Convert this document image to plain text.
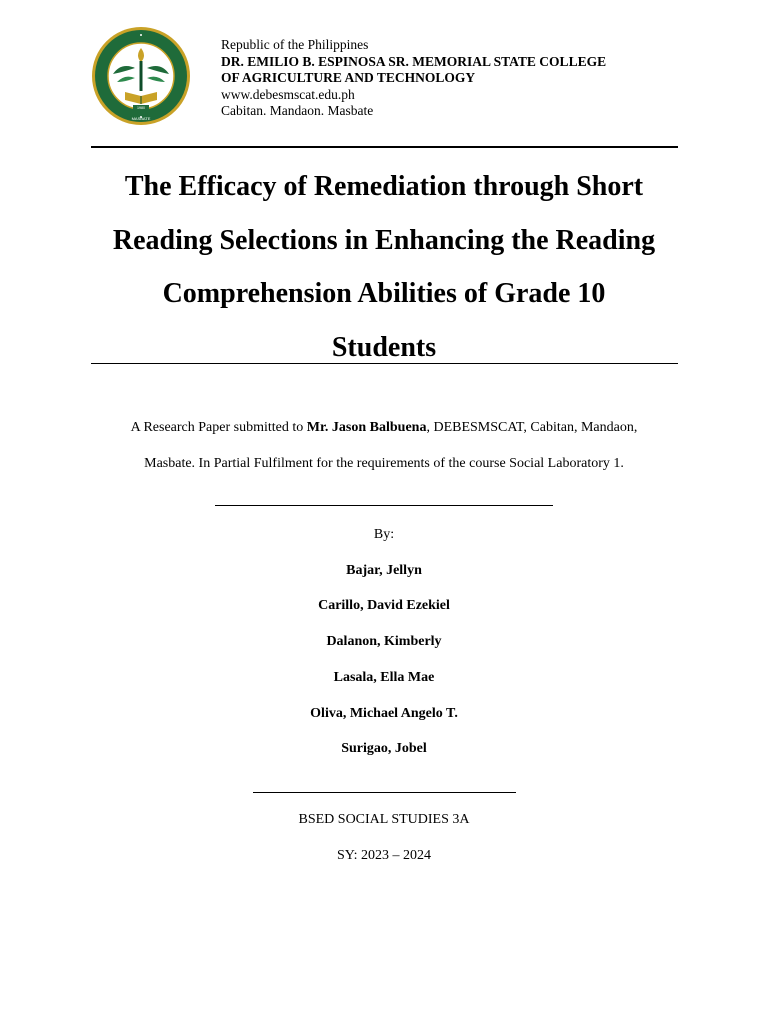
1980
MASBATE
Republic of the Philippines
DR. EMILIO B. ESPINOSA SR. MEMORIAL STATE COLLEGE
OF AGRICULTURE AND TECHNOLOGY
www.debesmscat.edu.ph
Cabitan. Mandaon. Masbate
The Efficacy of Remediation through Short
Reading Selections in Enhancing the Reading
Comprehension Abilities of Grade 10
Students
A Research Paper submitted to Mr. Jason Balbuena, DEBESMSCAT, Cabitan, Mandaon,
Masbate. In Partial Fulfilment for the requirements of the course Social Laboratory 1.
By:
Bajar, Jellyn
Carillo, David Ezekiel
Dalanon, Kimberly
Lasala, Ella Mae
Oliva, Michael Angelo T.
Surigao, Jobel
BSED SOCIAL STUDIES 3A
SY: 2023 – 2024
